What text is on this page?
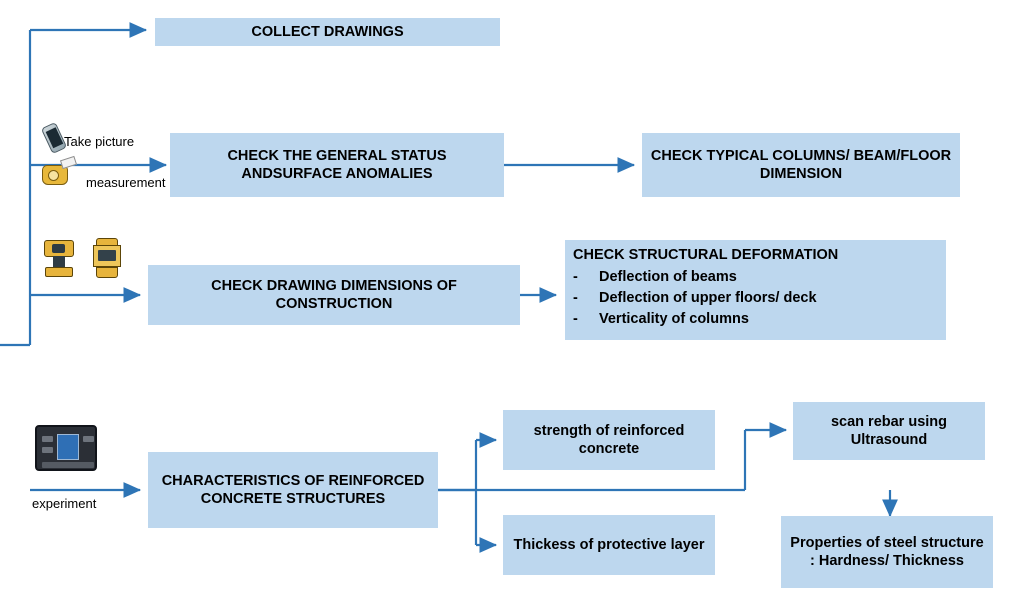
COLLECT DRAWINGS
CHECK THE GENERAL STATUS ANDSURFACE ANOMALIES
CHECK TYPICAL COLUMNS/ BEAM/FLOOR DIMENSION
CHECK DRAWING DIMENSIONS OF CONSTRUCTION
CHECK STRUCTURAL DEFORMATION
- Deflection of beams
- Deflection of upper floors/ deck
- Verticality of columns
CHARACTERISTICS OF REINFORCED CONCRETE STRUCTURES
strength of reinforced concrete
Thickess of protective layer
scan rebar using Ultrasound
Properties of steel structure : Hardness/ Thickness
Take picture
measurement
experiment
